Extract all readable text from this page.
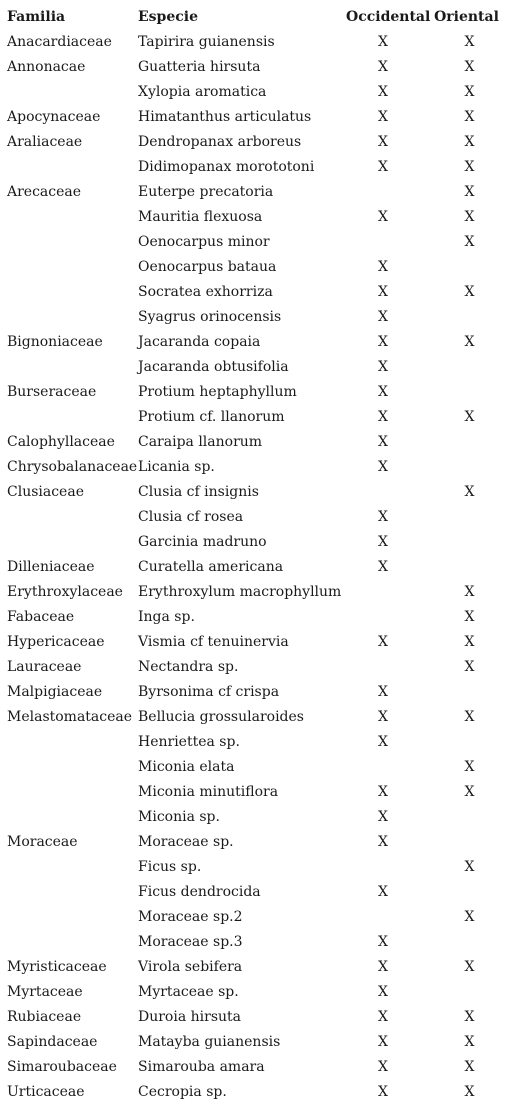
Familia	Especie	Occidental	Oriental
Anacardiaceae	Tapirira guianensis	X	X
Annonacae	Guatteria hirsuta	X	X
	Xylopia aromatica	X	X
Apocynaceae	Himatanthus articulatus	X	X
Araliaceae	Dendropanax arboreus	X	X
	Didimopanax morototoni	X	X
Arecaceae	Euterpe precatoria		X
	Mauritia flexuosa	X	X
	Oenocarpus minor		X
	Oenocarpus bataua	X	
	Socratea exhorriza	X	X
	Syagrus orinocensis	X	
Bignoniaceae	Jacaranda copaia	X	X
	Jacaranda obtusifolia	X	
Burseraceae	Protium heptaphyllum	X	
	Protium cf. llanorum	X	X
Calophyllaceae	Caraipa llanorum	X	
Chrysobalanaceae	Licania sp.	X	
Clusiaceae	Clusia cf insignis		X
	Clusia cf rosea	X	
	Garcinia madruno	X	
Dilleniaceae	Curatella americana	X	
Erythroxylaceae	Erythroxylum macrophyllum		X
Fabaceae	Inga sp.		X
Hypericaceae	Vismia cf tenuinervia	X	X
Lauraceae	Nectandra sp.		X
Malpigiaceae	Byrsonima cf crispa	X	
Melastomataceae	Bellucia grossularoides	X	X
	Henriettea sp.	X	
	Miconia elata		X
	Miconia minutiflora	X	X
	Miconia sp.	X	
Moraceae	Moraceae sp.	X	
	Ficus sp.		X
	Ficus dendrocida	X	
	Moraceae sp.2		X
	Moraceae sp.3	X	
Myristicaceae	Virola sebifera	X	X
Myrtaceae	Myrtaceae sp.	X	
Rubiaceae	Duroia hirsuta	X	X
Sapindaceae	Matayba guianensis	X	X
Simaroubaceae	Simarouba amara	X	X
Urticaceae	Cecropia sp.	X	X
